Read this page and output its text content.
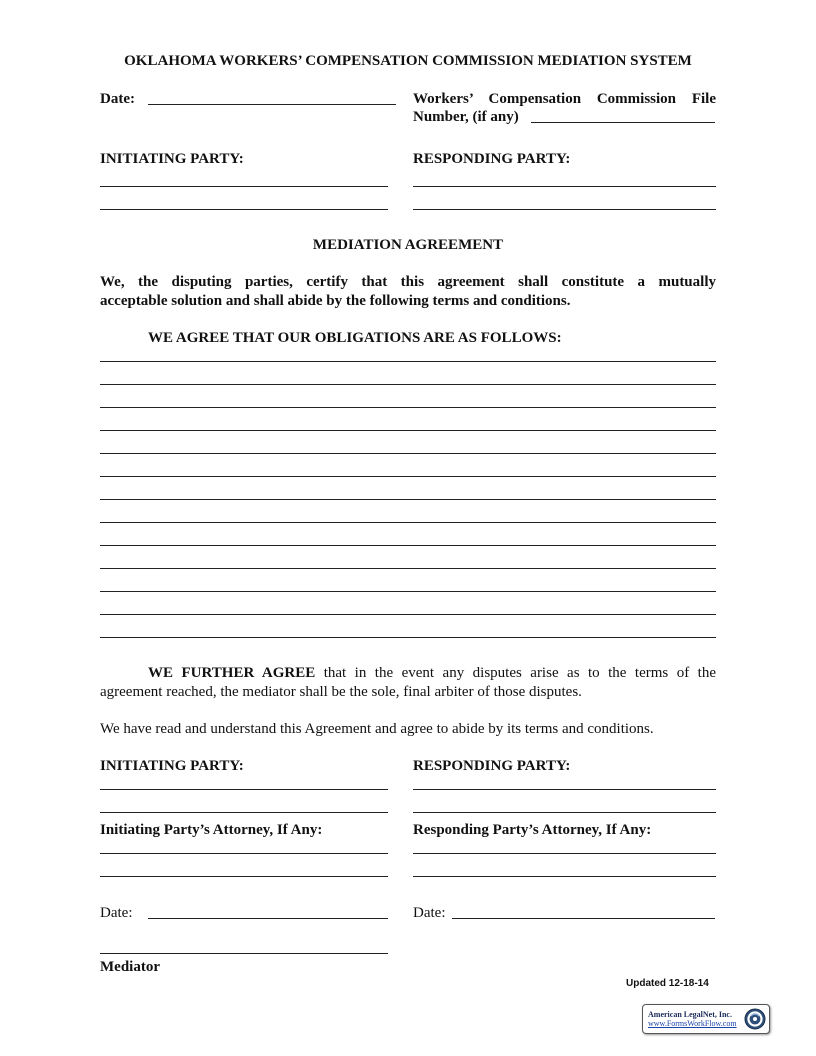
OKLAHOMA WORKERS’ COMPENSATION COMMISSION MEDIATION SYSTEM
Date:	Workers’ Compensation Commission File
Number, (if any)
INITIATING PARTY:	RESPONDING PARTY:
MEDIATION AGREEMENT
We, the disputing parties, certify that this agreement shall constitute a mutually
acceptable solution and shall abide by the following terms and conditions.
WE AGREE THAT OUR OBLIGATIONS ARE AS FOLLOWS:
WE FURTHER AGREE that in the event any disputes arise as to the terms of the
agreement reached, the mediator shall be the sole, final arbiter of those disputes.
We have read and understand this Agreement and agree to abide by its terms and conditions.
INITIATING PARTY:	RESPONDING PARTY:
Initiating Party’s Attorney, If Any:	Responding Party’s Attorney, If Any:
Date:	Date:
Mediator
Updated 12-18-14
American LegalNet, Inc.
www.FormsWorkFlow.com
